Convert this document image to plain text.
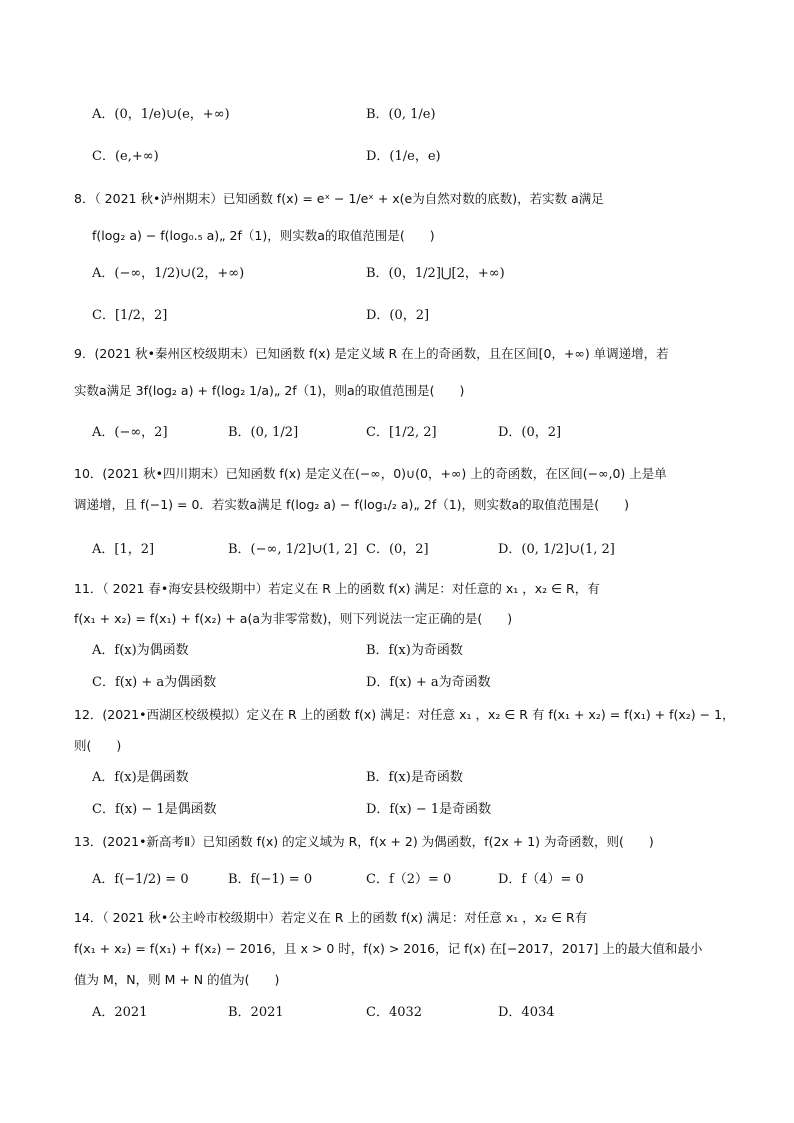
A．(0，1/e)∪(e，+∞)	B．(0, 1/e)
C．(e,+∞)	D．(1/e，e)
8．（ 2021 秋•泸州期末）已知函数 f(x) = eˣ − 1/eˣ + x(e为自然对数的底数)，若实数 a满足
f(log₂ a) − f(log₀.₅ a)„ 2f（1)，则实数a的取值范围是(　　)
A．(−∞，1/2)∪(2，+∞)	B．(0，1/2]⋃[2，+∞)
C．[1/2，2]	D．(0，2]
9．(2021 秋•秦州区校级期末）已知函数 f(x) 是定义域 R 在上的奇函数，且在区间[0，+∞) 单调递增，若
实数a满足 3f(log₂ a) + f(log₂ 1/a)„ 2f（1)，则a的取值范围是(　　)
A．(−∞，2]	B．(0, 1/2]	C．[1/2, 2]	D．(0，2]
10．(2021 秋•四川期末）已知函数 f(x) 是定义在(−∞，0)∪(0，+∞) 上的奇函数，在区间(−∞,0) 上是单
调递增，且 f(−1) = 0．若实数a满足 f(log₂ a) − f(log₁/₂ a)„ 2f（1)，则实数a的取值范围是(　　)
A．[1，2]	B．(−∞, 1/2]∪(1, 2] C．(0，2]	D．(0, 1/2]∪(1, 2]
11．（ 2021 春•海安县校级期中）若定义在 R 上的函数 f(x) 满足：对任意的 x₁ ，x₂ ∈ R，有
f(x₁ + x₂) = f(x₁) + f(x₂) + a(a为非零常数)，则下列说法一定正确的是(　　)
A．f(x)为偶函数	B．f(x)为奇函数
C．f(x) + a为偶函数	D．f(x) + a为奇函数
12．(2021•西湖区校级模拟）定义在 R 上的函数 f(x) 满足：对任意 x₁ ，x₂ ∈ R 有 f(x₁ + x₂) = f(x₁) + f(x₂) − 1，
则(　　)
A．f(x)是偶函数	B．f(x)是奇函数
C．f(x) − 1是偶函数	D．f(x) − 1是奇函数
13．(2021•新高考Ⅱ）已知函数 f(x) 的定义域为 R，f(x + 2) 为偶函数，f(2x + 1) 为奇函数，则(　　)
A．f(−1/2) = 0	B．f(−1) = 0	C．f（2）= 0	D．f（4）= 0
14．（ 2021 秋•公主岭市校级期中）若定义在 R 上的函数 f(x) 满足：对任意 x₁ ，x₂ ∈ R有
f(x₁ + x₂) = f(x₁) + f(x₂) − 2016，且 x > 0 时，f(x) > 2016，记 f(x) 在[−2017，2017] 上的最大值和最小
值为 M，N，则 M + N 的值为(　　)
A．2021	B．2021	C．4032	D．4034
